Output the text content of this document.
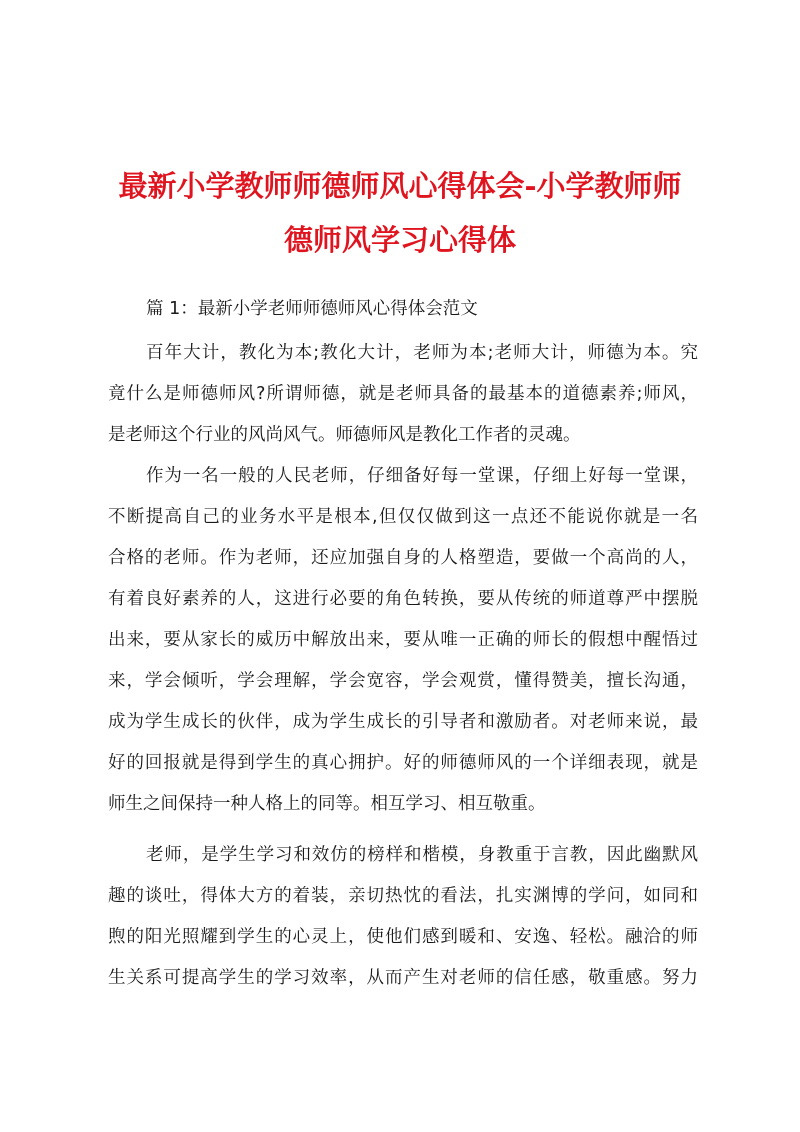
最新小学教师师德师风心得体会-小学教师师
德师风学习心得体

篇 1：最新小学老师师德师风心得体会范文

百年大计，教化为本;教化大计，老师为本;老师大计，师德为本。究

竟什么是师德师风?所谓师德，就是老师具备的最基本的道德素养;师风，

是老师这个行业的风尚风气。师德师风是教化工作者的灵魂。

作为一名一般的人民老师，仔细备好每一堂课，仔细上好每一堂课，

不断提高自己的业务水平是根本,但仅仅做到这一点还不能说你就是一名

合格的老师。作为老师，还应加强自身的人格塑造，要做一个高尚的人，

有着良好素养的人，这进行必要的角色转换，要从传统的师道尊严中摆脱

出来，要从家长的威历中解放出来，要从唯一正确的师长的假想中醒悟过

来，学会倾听，学会理解，学会宽容，学会观赏，懂得赞美，擅长沟通，

成为学生成长的伙伴，成为学生成长的引导者和激励者。对老师来说，最

好的回报就是得到学生的真心拥护。好的师德师风的一个详细表现，就是

师生之间保持一种人格上的同等。相互学习、相互敬重。

老师，是学生学习和效仿的榜样和楷模，身教重于言教，因此幽默风

趣的谈吐，得体大方的着装，亲切热忱的看法，扎实渊博的学问，如同和

煦的阳光照耀到学生的心灵上，使他们感到暖和、安逸、轻松。融洽的师

生关系可提高学生的学习效率，从而产生对老师的信任感，敬重感。努力
